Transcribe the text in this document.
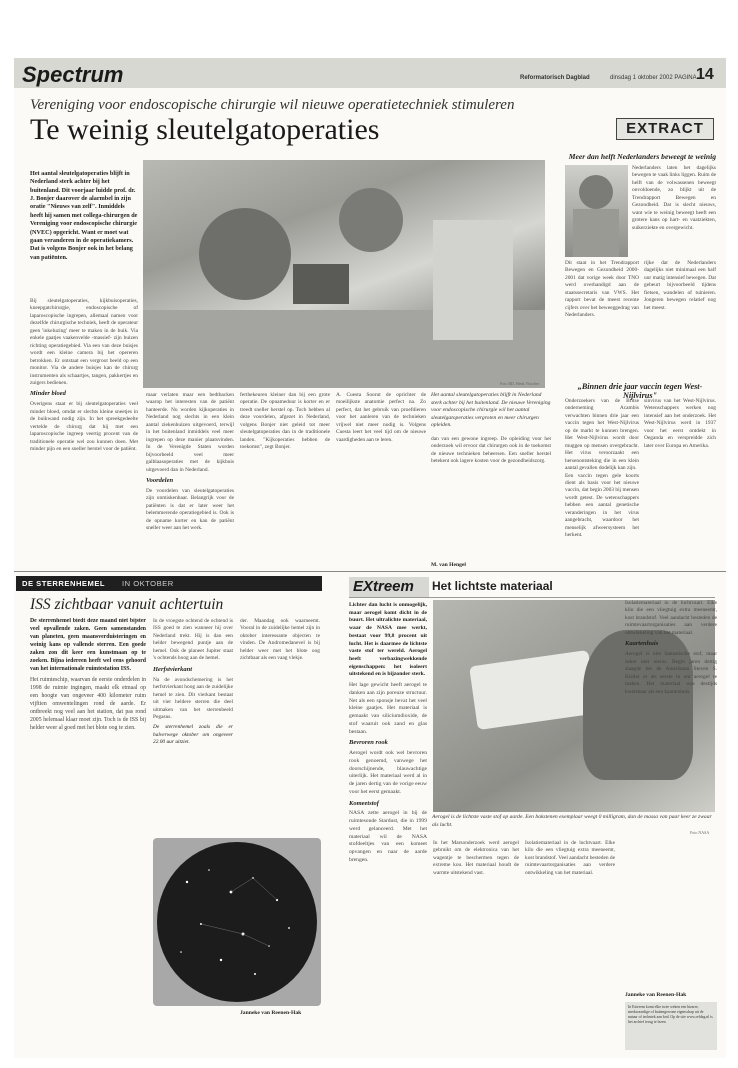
Spectrum	Reformatorisch Dagblad	dinsdag 1 oktober 2002 PAGINA 14
Vereniging voor endoscopische chirurgie wil nieuwe operatietechniek stimuleren
Te weinig sleutelgatoperaties	EXTRACT
Het aantal sleutelgatoperaties blijft in Nederland sterk achter bij het buitenland. Dit voorjaar luidde prof. dr. J. Bonjer daarover de alarmbel in zijn oratie "Nieuws van zelf". Inmiddels heeft hij samen met collega-chirurgen de Vereniging voor endoscopische chirurgie (NVEC) opgericht. Want er moet wat gaan veranderen in de operatiekamers. Dat is volgens Bonjer ook in het belang van patiënten.

Bij sleutelgatoperaties, kijkbuisoperaties, kneepgatchirurgie, endoscopische of laparoscopische ingrepen, allemaal namen voor dezelfde chirurgische techniek, heeft de operateur geen 'inkeluzing' meer te maken in de buik. Via enkele gaatjes vaakenvelde -massief- zijn buizen richting operatiegebied. Via een van deze buisjes wordt een kleine camera bij het opereren betrokken. Er ontstaat een vergroot beeld op een monitor. Via de andere buisjes kan de chirurg instrumenten als schaartjes, tangen, pakkertjes en zuigers bedienen.

Minder bloed

Overigens staat er bij sleutelgatoperaties veel minder bloed, omdat er slechts kleine sneetjes in de buikwand nodig zijn. In het spreekgedeelte vertelde de chirurg dat hij met een laparoscopische ingreep veertig procent van de traditionele operatie wel zou kunnen doen. Met minder pijn en een sneller herstel voor de patiënt.

Foto RD, Henk Visscher

maar verlaten maar een bedtbacken waarop het interesten van de patiënt hanteerde. Nu worden kijkoperaties in Nederland nog slechts in een klein aantal ziekenhuizen uitgevoerd, terwijl in het buitenland inmiddels veel meer ingrepen op deze manier plaatsvinden. In de Verenigde Staten worden bijvoorbeeld veel meer galblaasoperaties met de kijkbuis uitgevoerd dan in Nederland.

Voordelen

De voordelen van sleutelgatoperaties zijn onmiskenbaar. Belangrijk voor de patiënten is dat er later weer het belemmerende operatiegebied is. Ook is de opname korter en kan de patiënt sneller weer aan het werk.

ferthekeuren kleiner dan bij een grote operatie. De opnameduur is korter en er treedt sneller herstel op. Toch hebben al deze voordelen, afgezet in Nederland, volgens Bonjer niet geleid tot meer sleutelgatoperaties dan in de traditionele landen. "Kijkoperaties hebben de toekomst", zegt Bonjer.

A. Cuesta Soorut de oprichter de moeilijkste anatomie perfect na. Zo perfect, dat het gebruik van proefdieren voor het aanleren van de technieken vrijwel niet meer nodig is. Volgens Cuesta leert het veel tijd om de nieuwe vaardigheden aan te leren.

Het aantal sleutelgatoperaties blijft in Nederland sterk achter bij het buitenland. De nieuwe Vereniging voor endoscopische chirurgie wil het aantal sleutelgatoperaties vergroten en meer chirurgen opleiden.

dan van een gewone ingreep. De opleiding voor het onderzoek wil ervoor dat chirurgen ook in de toekomst de nieuwe technieken beheersen. Een sneller herstel betekent ook lagere kosten voor de gezondheidszorg.

M. van Hengel
Meer dan helft Nederlanders beweegt te weinig

Nederlanders laten het dagelijks bewegen te vaak links liggen. Ruim de helft van de volwassenen beweegt onvoldoende, zo blijkt uit de Trendrapport Bewegen en Gezondheid. Dat is slecht nieuws, want wie te weinig beweegt heeft een grotere kans op hart- en vaatziekten, suikerziekte en overgewicht.

Dit staat in het Trendrapport Bewegen en Gezondheid 2000-2001 dat vorige week door TNO werd overhandigd aan de staatssecretaris van VWS. Het rapport bevat de meest recente cijfers over het beweeggedrag van Nederlanders.

rijke dat de Nederlanders dagelijks niet minimaal een half uur matig intensief bewegen. Dat gebeurt bijvoorbeeld tijdens fietsen, wandelen of tuinieren. Jongeren bewegen relatief nog het meest.

„Binnen drie jaar vaccin tegen West-Nijlvirus"

Onderzoekers van de Britse onderneming Acambis verwachten binnen drie jaar een vaccin tegen het West-Nijlvirus op de markt te kunnen brengen. Het West-Nijlvirus wordt door muggen op mensen overgebracht. Het virus veroorzaakt een hersenontsteking die in een klein aantal gevallen dodelijk kan zijn.

Een vaccin tegen gele koorts dient als basis voor het nieuwe vaccin, dat begin 2003 bij mensen wordt getest. De wetenschappers hebben een aantal genetische veranderingen in het virus aangebracht, waardoor het menselijk afweersysteem het herkent.

sinvirus van het West-Nijlvirus. Wetenschappers werken nog intensief aan het onderzoek. Het West-Nijlvirus werd in 1937 voor het eerst ontdekt in Oeganda en verspreidde zich later over Europa en Amerika.

DE STERRENHEMEL IN OKTOBER
ISS zichtbaar vanuit achtertuin

De sterrenhemel biedt deze maand niet bijster veel opvallende zaken. Geen samenstanden van planeten, geen maansverduisteringen en weinig kans op vallende sterren. Een goede zaken zon dit keer een kunstmaan op te zoeken. Bijna iedereen heeft wel eens gehoord van het internationale ruimtestation ISS.

Het ruimteschip, waarvan de eerste onderdelen in 1998 de ruimte ingingen, maakt elk etmaal op een hoogte van ongeveer 400 kilometer ruim vijftien omwentelingen rond de aarde. Er ontbreekt nog veel aan het station, dat pas rond 2005 helemaal klaar moet zijn. Toch is de ISS bij helder weer al goed met het blote oog te zien.

In de vroegste ochtend de ochtend is ISS goed te zien wanneer hij over Nederland trekt. Hij is dan een helder bewegend puntje aan de hemel. Ook de planeet Jupiter staat 's ochtends hoog aan de hemel.

Herfstvierkant

Na de avondschemering is het herfstvierkant hoog aan de zuidelijke hemel te zien. Dit vierkant bestaat uit vier heldere sterren die deel uitmaken van het sterrenbeeld Pegasus.

De sterrenhemel zoals die er halverwege oktober om ongeveer 22.00 uur uitziet.

der. Maandag ook waarneemt. Vooral in de zuidelijke hemel zijn in oktober interessante objecten te vinden. De Andromedanevel is bij helder weer met het blote oog zichtbaar als een vaag vlekje.

Janneke van Reenen-Hak
EXtreem	Het lichtste materiaal

Lichter dan lucht is onmogelijk, maar aerogel komt dicht in de buurt. Het ultralichte materiaal, waar de NASA mee werkt, bestaat voor 99,8 procent uit lucht. Het is daarmee de lichtste vaste stof ter wereld. Aerogel heeft verbazingwekkende eigenschappen: het isoleert uitstekend en is bijzonder sterk.

Het lage gewicht heeft aerogel te danken aan zijn poreuze structuur. Net als een sponsje bevat het veel kleine gaatjes. Het materiaal is gemaakt van siliciumdioxide, de stof waaruit ook zand en glas bestaan.

Bevroren rook

Aerogel wordt ook wel bevroren rook genoemd, vanwege het doorschijnende, blauwachtige uiterlijk. Het materiaal werd al in de jaren dertig van de vorige eeuw voor het eerst gemaakt.

Komeetstof

NASA zette aerogel in bij de ruimtesonde Stardust, die in 1999 werd gelanceerd. Met het materiaal wil de NASA stofdeeltjes van een komeet opvangen en naar de aarde brengen.

Aerogel is de lichtste vaste stof op aarde. Een bakstenen exemplaar weegt 0 milligram, dan de massa van paar keer ze zwaar als lucht.
Foto NASA

In het Marsonderzoek werd aerogel gebruikt om de elektronica van het wagentje te beschermen tegen de extreme kou. Het materiaal houdt de warmte uitstekend vast.

Isolatiemateriaal in de luchtvaart. Elke kilo die een vliegtuig extra meeneemt, kost brandstof. Veel aandacht besteden de ruimtevaartorganisaties aan verdere ontwikkeling van het materiaal.

Isolatiemateriaal in de luchtvaart. Elke kilo die een vliegtuig extra meeneemt, kost brandstof. Veel aandacht besteden de ruimtevaartorganisaties aan verdere ontwikkeling van het materiaal.

Kaartenhuis

Aerogel is niet fantastische stof, maar zeker niet nieuw. Begin jaren dertig slaagde het de Amerikaan Steven S. Kistler er als eerste in om aerogel te maken. Het materiaal was destijds kwetsbaar als een kaartenhuis.

Janneke van Reenen-Hak
In Extreem komt elke twee weken een bizarre, merkwaardige of buitengewone eigenschap uit de natuur of techniek aan bod. Op de site www.refdag.nl is het archief terug te lezen.
